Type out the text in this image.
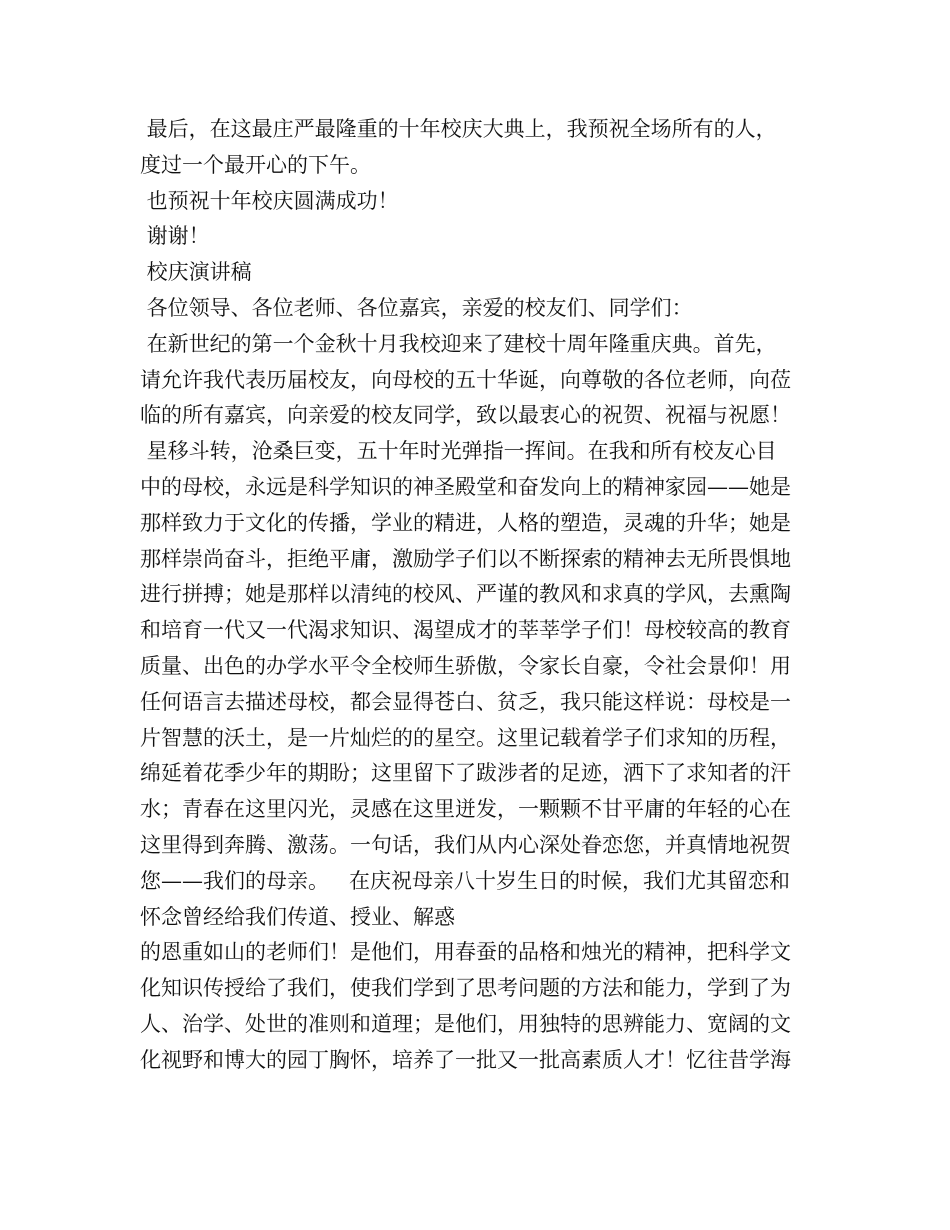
最后，在这最庄严最隆重的十年校庆大典上，我预祝全场所有的人，
度过一个最开心的下午。
也预祝十年校庆圆满成功！
谢谢！
校庆演讲稿
各位领导、各位老师、各位嘉宾，亲爱的校友们、同学们：
在新世纪的第一个金秋十月我校迎来了建校十周年隆重庆典。首先，
请允许我代表历届校友，向母校的五十华诞，向尊敬的各位老师，向莅
临的所有嘉宾，向亲爱的校友同学，致以最衷心的祝贺、祝福与祝愿！
星移斗转，沧桑巨变，五十年时光弹指一挥间。在我和所有校友心目
中的母校，永远是科学知识的神圣殿堂和奋发向上的精神家园——她是
那样致力于文化的传播，学业的精进，人格的塑造，灵魂的升华；她是
那样崇尚奋斗，拒绝平庸，激励学子们以不断探索的精神去无所畏惧地
进行拼搏；她是那样以清纯的校风、严谨的教风和求真的学风，去熏陶
和培育一代又一代渴求知识、渴望成才的莘莘学子们！母校较高的教育
质量、出色的办学水平令全校师生骄傲，令家长自豪，令社会景仰！用
任何语言去描述母校，都会显得苍白、贫乏，我只能这样说：母校是一
片智慧的沃土，是一片灿烂的的星空。这里记载着学子们求知的历程，
绵延着花季少年的期盼；这里留下了跋涉者的足迹，洒下了求知者的汗
水；青春在这里闪光，灵感在这里迸发，一颗颗不甘平庸的年轻的心在
这里得到奔腾、激荡。一句话，我们从内心深处眷恋您，并真情地祝贺
您——我们的母亲。   在庆祝母亲八十岁生日的时候，我们尤其留恋和
怀念曾经给我们传道、授业、解惑
的恩重如山的老师们！是他们，用春蚕的品格和烛光的精神，把科学文
化知识传授给了我们，使我们学到了思考问题的方法和能力，学到了为
人、治学、处世的准则和道理；是他们，用独特的思辨能力、宽阔的文
化视野和博大的园丁胸怀，培养了一批又一批高素质人才！忆往昔学海
